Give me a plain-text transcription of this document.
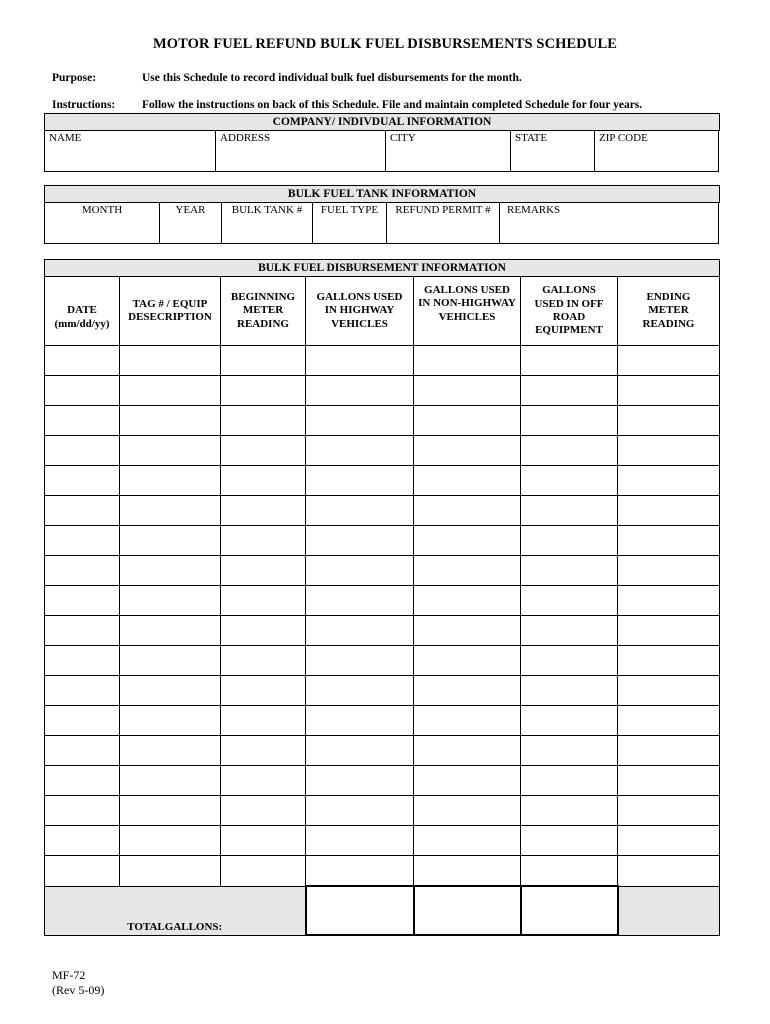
MOTOR FUEL REFUND BULK FUEL DISBURSEMENTS SCHEDULE
Purpose:	Use this Schedule to record individual bulk fuel disbursements for the month.
Instructions: Follow the instructions on back of this Schedule. File and maintain completed Schedule for four years.
COMPANY/ INDIVDUAL INFORMATION
NAME	ADDRESS	CITY	STATE	ZIP CODE
BULK FUEL TANK INFORMATION
MONTH	YEAR	BULK TANK #	FUEL TYPE	REFUND PERMIT #	REMARKS
BULK FUEL DISBURSEMENT INFORMATION
DATE (mm/dd/yy)	TAG # / EQUIP DESECRIPTION	BEGINNING METER READING	GALLONS USED IN HIGHWAY VEHICLES	GALLONS USED IN NON-HIGHWAY VEHICLES	GALLONS USED IN OFF ROAD EQUIPMENT	ENDING METER READING

TOTALGALLONS:						
MF-72
(Rev 5-09)
